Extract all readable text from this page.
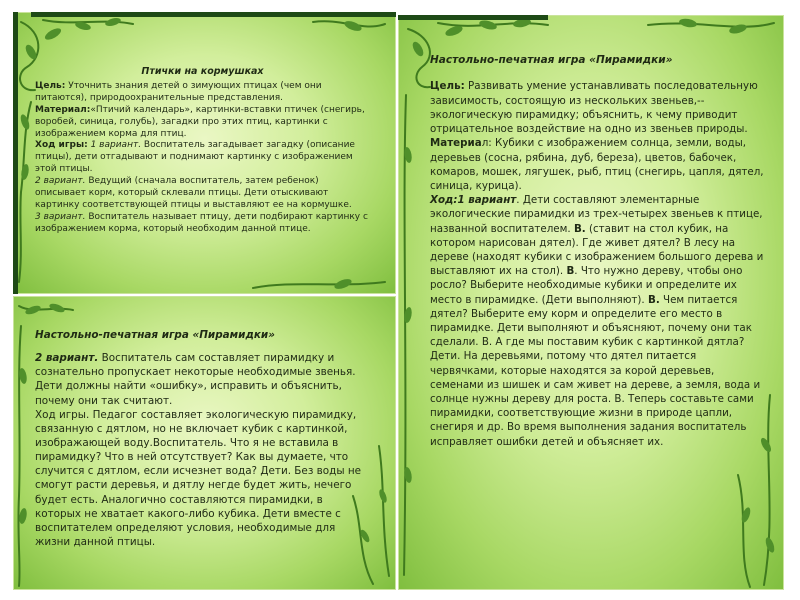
Птички на кормушках

Цель: Уточнить знания детей о зимующих птицах (чем они питаются), природоохранительные представления.

Материал:«Птичий календарь», картинки-вставки птичек (снегирь, воробей, синица, голубь), загадки про этих птиц, картинки с изображением корма для птиц.

Ход игры: 1 вариант. Воспитатель загадывает загадку (описание птицы), дети отгадывают и поднимают картинку с изображением этой птицы.

2 вариант. Ведущий (сначала воспитатель, затем ребенок) описывает корм, который склевали птицы. Дети отыскивают картинку соответствующей птицы и выставляют ее на кормушке.

3 вариант. Воспитатель называет птицу, дети подбирают картинку с изображением корма, который необходим данной птице.

Настольно-печатная игра «Пирамидки»

2 вариант. Воспитатель сам составляет пирамидку и сознательно пропускает некоторые необходимые звенья. Дети должны найти «ошибку», исправить и объяснить, почему они так считают.

Ход игры. Педагог составляет экологическую пирамидку, связанную с дятлом, но не включает кубик с картинкой, изображающей воду.Воспитатель. Что я не вставила в пирамидку? Что в ней отсутствует? Как вы думаете, что случится с дятлом, если исчезнет вода? Дети. Без воды не смогут расти деревья, и дятлу негде будет жить, нечего будет есть. Аналогично составляются пирамидки, в которых не хватает какого-либо кубика. Дети вместе с воспитателем определяют условия, необходимые для жизни данной птицы.

Настольно-печатная игра «Пирамидки»

Цель: Развивать умение устанавливать последовательную зависимость, состоящую из нескольких звеньев,-- экологическую пирамидку; объяснить, к чему приводит отрицательное воздействие на одно из звеньев природы.

Материал: Кубики с изображением солнца, земли, воды, деревьев (сосна, рябина, дуб, береза), цветов, бабочек, комаров, мошек, лягушек, рыб, птиц (снегирь, цапля, дятел, синица, курица).

Ход:1 вариант. Дети составляют элементарные экологические пирамидки из трех-четырех звеньев к птице, названной воспитателем. В. (ставит на стол кубик, на котором нарисован дятел). Где живет дятел? В лесу на дереве (находят кубики с изображением большого дерева и выставляют их на стол). В. Что нужно дереву, чтобы оно росло? Выберите необходимые кубики и определите их место в пирамидке. (Дети выполняют). В. Чем питается дятел? Выберите ему корм и определите его место в пирамидке. Дети выполняют и объясняют, почему они так сделали. В. А где мы поставим кубик с картинкой дятла? Дети. На деревьями, потому что дятел питается червячками, которые находятся за корой деревьев, семенами из шишек и сам живет на дереве, а земля, вода и солнце нужны дереву для роста. В. Теперь составьте сами пирамидки, соответствующие жизни в природе цапли, снегиря и др. Во время выполнения задания воспитатель исправляет ошибки детей и объясняет их.
